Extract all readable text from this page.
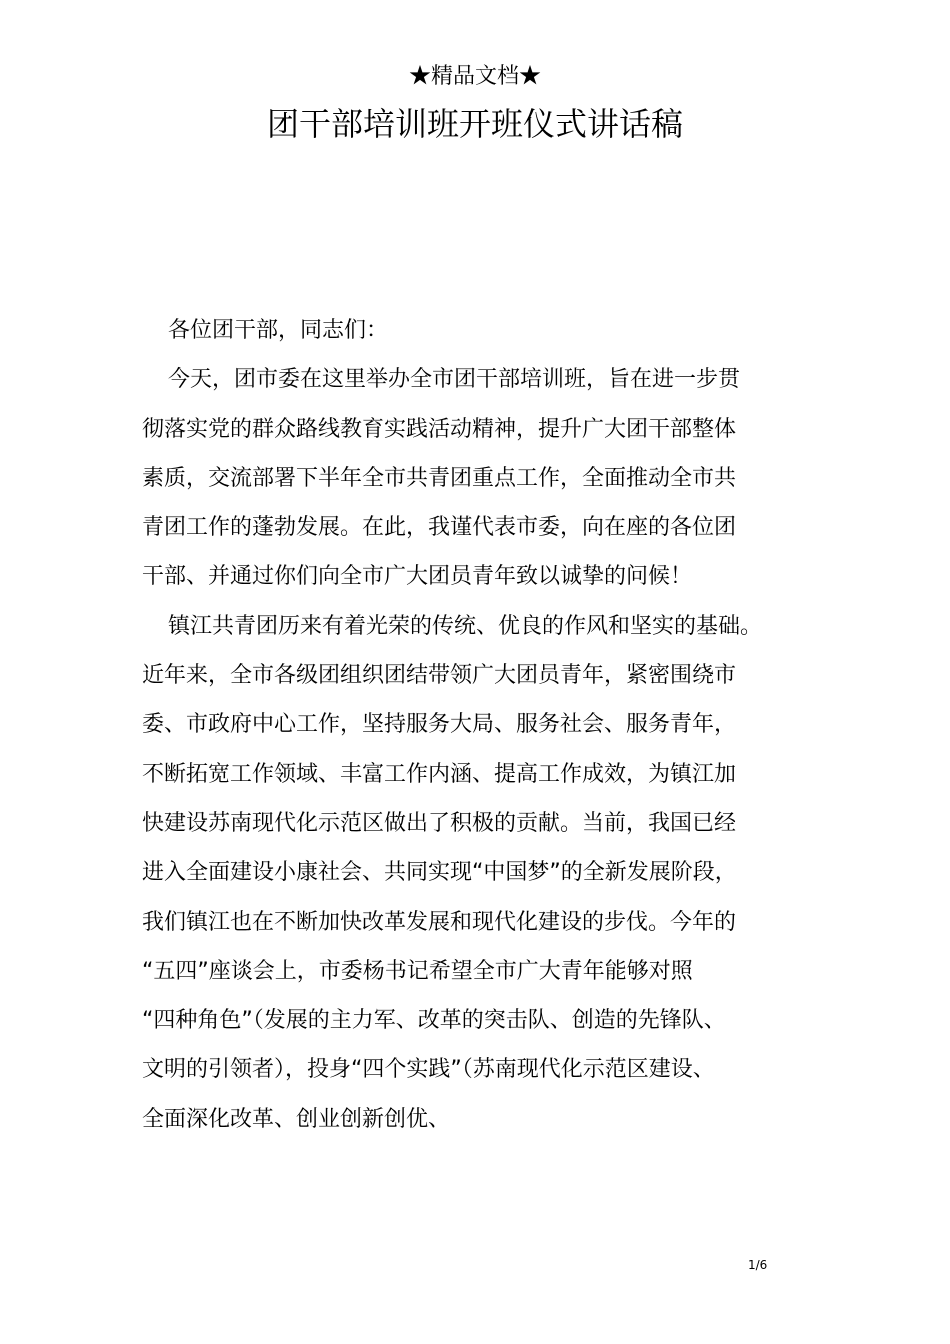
★精品文档★
团干部培训班开班仪式讲话稿
各位团干部，同志们：
今天，团市委在这里举办全市团干部培训班，旨在进一步贯
彻落实党的群众路线教育实践活动精神，提升广大团干部整体
素质，交流部署下半年全市共青团重点工作，全面推动全市共
青团工作的蓬勃发展。在此，我谨代表市委，向在座的各位团
干部、并通过你们向全市广大团员青年致以诚挚的问候！
镇江共青团历来有着光荣的传统、优良的作风和坚实的基础。
近年来，全市各级团组织团结带领广大团员青年，紧密围绕市
委、市政府中心工作，坚持服务大局、服务社会、服务青年，
不断拓宽工作领域、丰富工作内涵、提高工作成效，为镇江加
快建设苏南现代化示范区做出了积极的贡献。当前，我国已经
进入全面建设小康社会、共同实现“中国梦”的全新发展阶段，
我们镇江也在不断加快改革发展和现代化建设的步伐。今年的
“五四”座谈会上，市委杨书记希望全市广大青年能够对照
“四种角色”（发展的主力军、改革的突击队、创造的先锋队、
文明的引领者），投身“四个实践”（苏南现代化示范区建设、
全面深化改革、创业创新创优、
1/6
